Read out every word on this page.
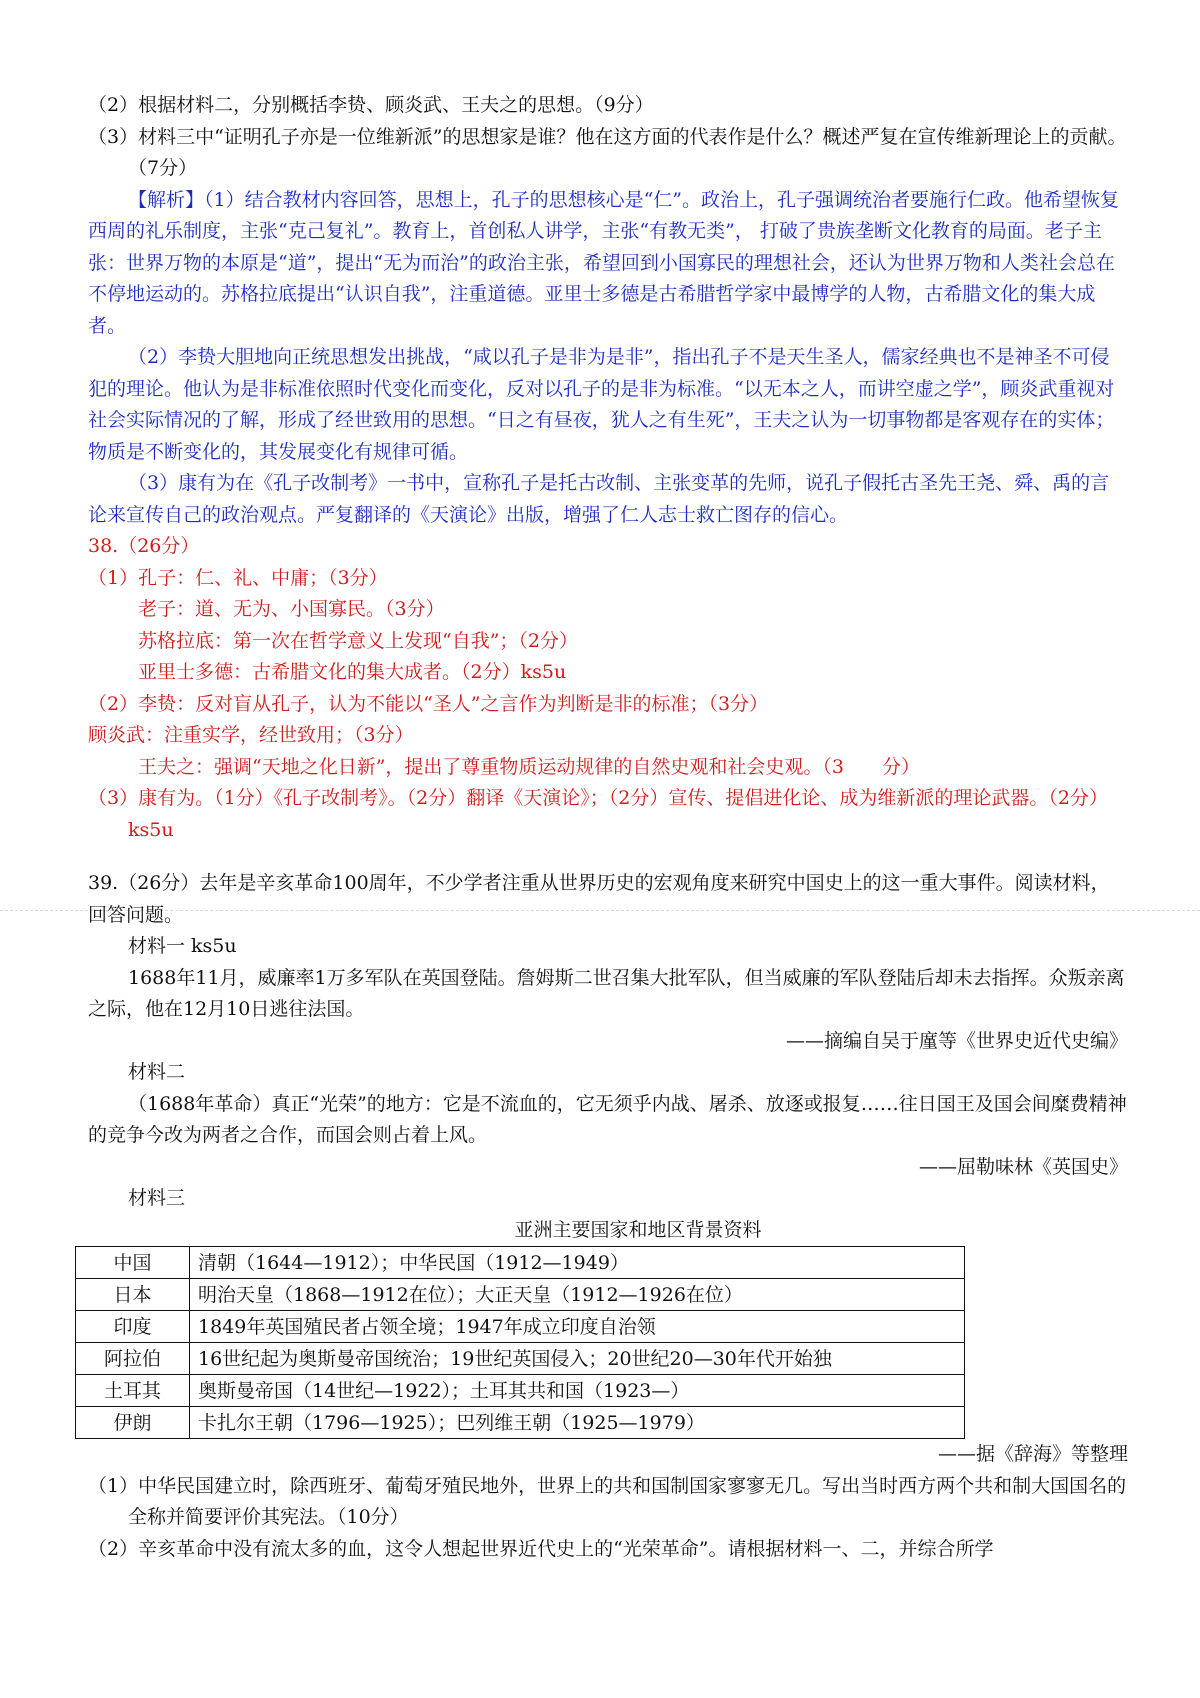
（2）根据材料二，分别概括李贽、顾炎武、王夫之的思想。（9分）

（3）材料三中“证明孔子亦是一位维新派”的思想家是谁？他在这方面的代表作是什么？概述严复在宣传维新理论上的贡献。（7分）

【解析】（1）结合教材内容回答，思想上，孔子的思想核心是“仁”。政治上，孔子强调统治者要施行仁政。他希望恢复西周的礼乐制度，主张“克己复礼”。教育上，首创私人讲学，主张“有教无类”， 打破了贵族垄断文化教育的局面。老子主张：世界万物的本原是“道”，提出“无为而治”的政治主张，希望回到小国寡民的理想社会，还认为世界万物和人类社会总在不停地运动的。苏格拉底提出“认识自我”，注重道德。亚里士多德是古希腊哲学家中最博学的人物，古希腊文化的集大成者。

（2）李贽大胆地向正统思想发出挑战，“咸以孔子是非为是非”，指出孔子不是天生圣人，儒家经典也不是神圣不可侵犯的理论。他认为是非标准依照时代变化而变化，反对以孔子的是非为标准。“以无本之人，而讲空虚之学”，顾炎武重视对社会实际情况的了解，形成了经世致用的思想。“日之有昼夜，犹人之有生死”，王夫之认为一切事物都是客观存在的实体；物质是不断变化的，其发展变化有规律可循。

（3）康有为在《孔子改制考》一书中，宣称孔子是托古改制、主张变革的先师，说孔子假托古圣先王尧、舜、禹的言论来宣传自己的政治观点。严复翻译的《天演论》出版，增强了仁人志士救亡图存的信心。

38.（26分）

（1）孔子：仁、礼、中庸；（3分）

老子：道、无为、小国寡民。（3分）

苏格拉底：第一次在哲学意义上发现“自我”；（2分）

亚里士多德：古希腊文化的集大成者。（2分）ks5u

（2）李贽：反对盲从孔子，认为不能以“圣人”之言作为判断是非的标准；（3分）

顾炎武：注重实学，经世致用；（3分）

王夫之：强调“天地之化日新”，提出了尊重物质运动规律的自然史观和社会史观。（3　　分）

（3）康有为。（1分）《孔子改制考》。（2分）翻译《天演论》；（2分）宣传、提倡进化论、成为维新派的理论武器。（2分）ks5u

39.（26分）去年是辛亥革命100周年，不少学者注重从世界历史的宏观角度来研究中国史上的这一重大事件。阅读材料，回答问题。

材料一 ks5u

1688年11月，威廉率1万多军队在英国登陆。詹姆斯二世召集大批军队，但当威廉的军队登陆后却未去指挥。众叛亲离之际，他在12月10日逃往法国。

——摘编自吴于廑等《世界史近代史编》

材料二

（1688年革命）真正“光荣”的地方：它是不流血的，它无须乎内战、屠杀、放逐或报复……往日国王及国会间糜费精神的竞争今改为两者之合作，而国会则占着上风。

——屈勒味林《英国史》

材料三

亚洲主要国家和地区背景资料

中国	清朝（1644—1912）；中华民国（1912—1949）
日本	明治天皇（1868—1912在位）；大正天皇（1912—1926在位）
印度	1849年英国殖民者占领全境；1947年成立印度自治领
阿拉伯	16世纪起为奥斯曼帝国统治；19世纪英国侵入；20世纪20—30年代开始独
土耳其	奥斯曼帝国（14世纪—1922）；土耳其共和国（1923—）
伊朗	卡扎尔王朝（1796—1925）；巴列维王朝（1925—1979）

——据《辞海》等整理

（1）中华民国建立时，除西班牙、葡萄牙殖民地外，世界上的共和国制国家寥寥无几。写出当时西方两个共和制大国国名的全称并简要评价其宪法。（10分）

（2）辛亥革命中没有流太多的血，这令人想起世界近代史上的“光荣革命”。请根据材料一、二，并综合所学
